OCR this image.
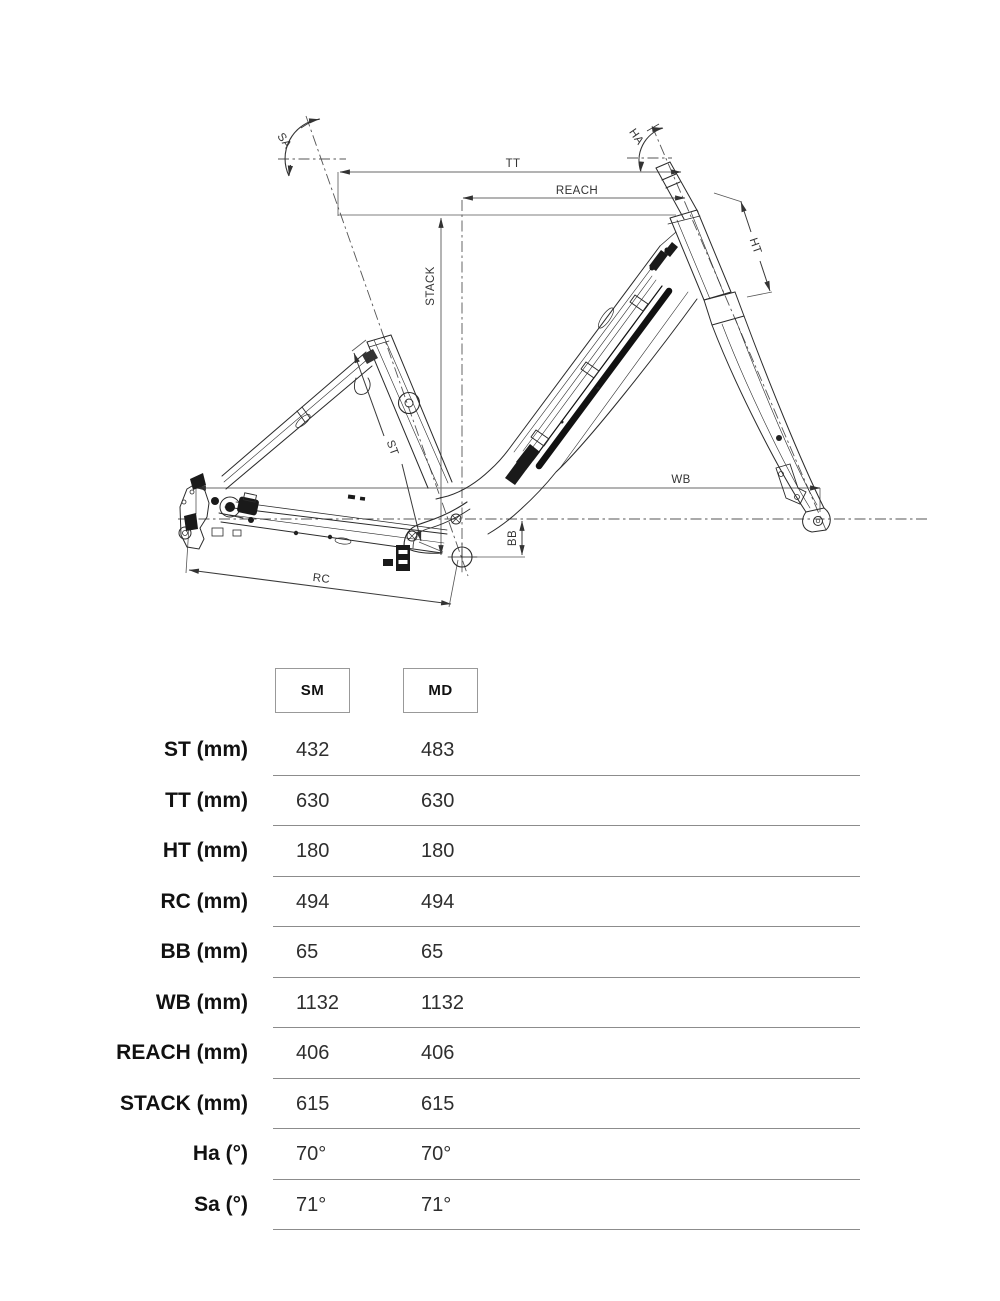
SA	HA
TT
REACH
STACK
HT
ST
WB
BB
RC
SM	MD
ST (mm) 432	483
TT (mm) 630	630
HT (mm) 180	180
RC (mm) 494	494
BB (mm) 65	65
WB (mm) 1132	1132
REACH (mm) 406	406
STACK (mm) 615	615
Ha (°) 70°	70°
Sa (°) 71°	71°
